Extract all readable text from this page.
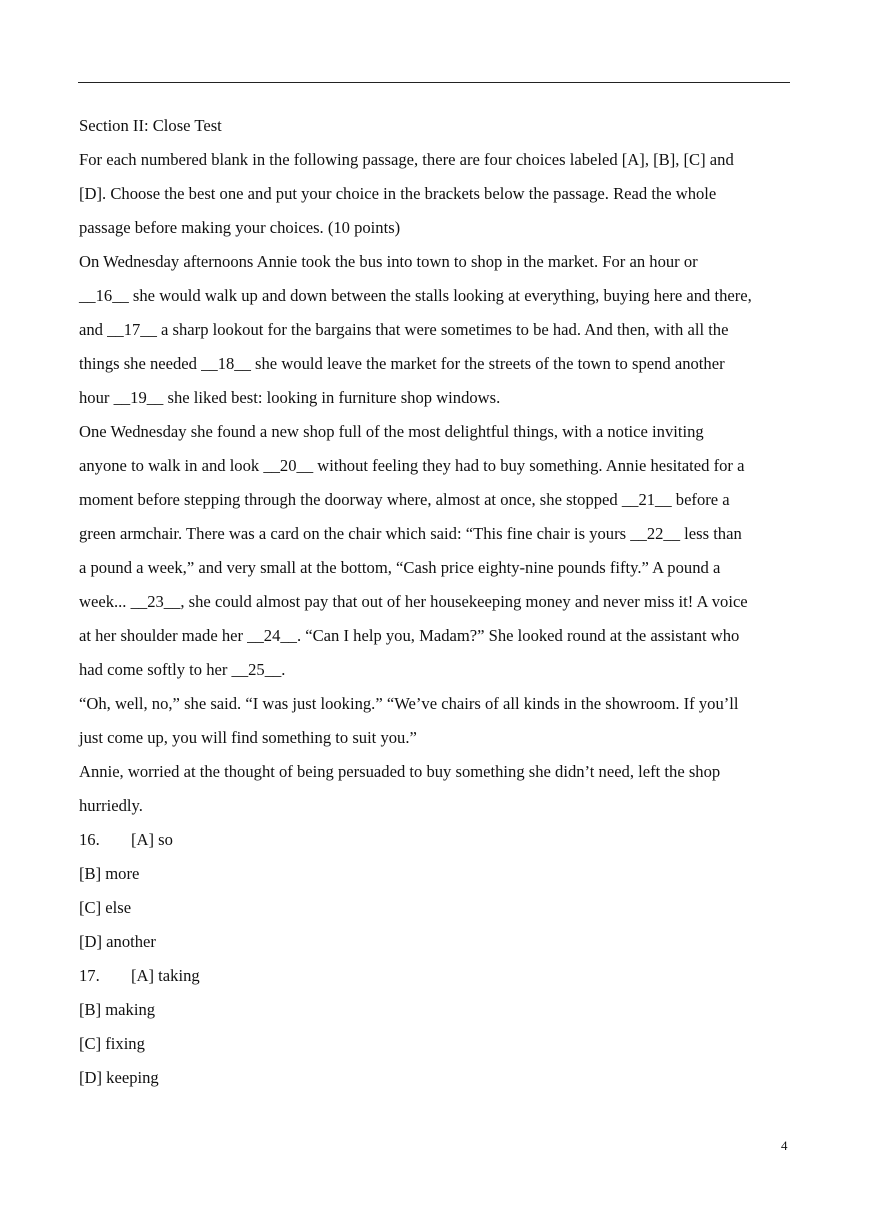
Section II: Close Test

For each numbered blank in the following passage, there are four choices labeled [A], [B], [C] and

[D]. Choose the best one and put your choice in the brackets below the passage. Read the whole

passage before making your choices. (10 points)

On Wednesday afternoons Annie took the bus into town to shop in the market. For an hour or

__16__ she would walk up and down between the stalls looking at everything, buying here and there,

and __17__ a sharp lookout for the bargains that were sometimes to be had. And then, with all the

things she needed __18__ she would leave the market for the streets of the town to spend another

hour __19__ she liked best: looking in furniture shop windows.

One Wednesday she found a new shop full of the most delightful things, with a notice inviting

anyone to walk in and look __20__ without feeling they had to buy something. Annie hesitated for a

moment before stepping through the doorway where, almost at once, she stopped __21__ before a

green armchair. There was a card on the chair which said: “This fine chair is yours __22__ less than

a pound a week,” and very small at the bottom, “Cash price eighty-nine pounds fifty.” A pound a

week... __23__, she could almost pay that out of her housekeeping money and never miss it! A voice

at her shoulder made her __24__. “Can I help you, Madam?” She looked round at the assistant who

had come softly to her __25__.

“Oh, well, no,” she said. “I was just looking.” “We’ve chairs of all kinds in the showroom. If you’ll

just come up, you will find something to suit you.”

Annie, worried at the thought of being persuaded to buy something she didn’t need, left the shop

hurriedly.

16. [A] so

[B] more

[C] else

[D] another

17. [A] taking

[B] making

[C] fixing

[D] keeping

4
